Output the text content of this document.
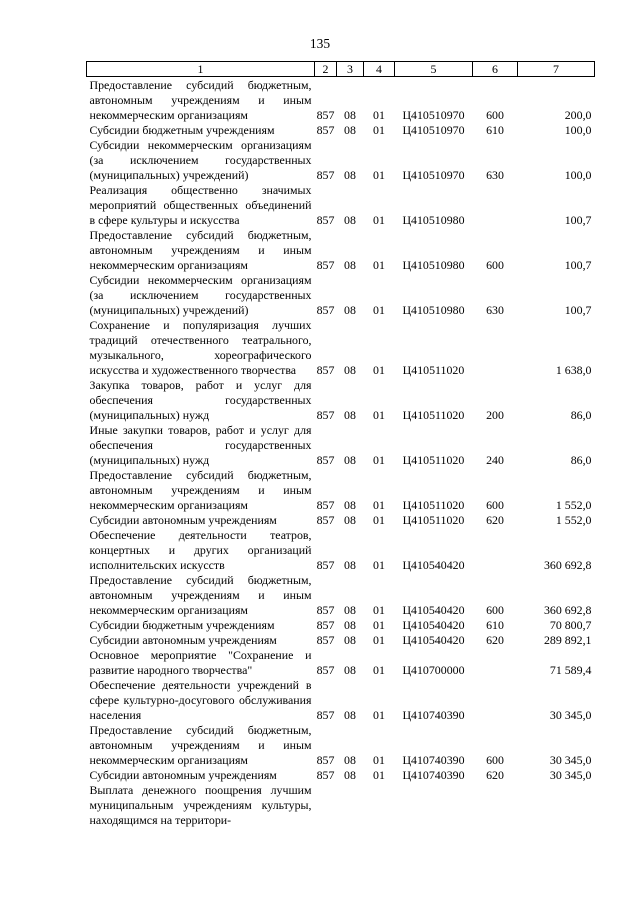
135
1	2	3	4	5	6	7
Предоставление субсидий бюджетным, автономным учреждениям и иным некоммерческим организациям	857	08	01	Ц410510970	600	200,0
Субсидии бюджетным учреждениям	857	08	01	Ц410510970	610	100,0
Субсидии некоммерческим организациям (за исключением государственных (муниципальных) учреждений)	857	08	01	Ц410510970	630	100,0
Реализация общественно значимых мероприятий общественных объединений в сфере культуры и искусства	857	08	01	Ц410510980		100,7
Предоставление субсидий бюджетным, автономным учреждениям и иным некоммерческим организациям	857	08	01	Ц410510980	600	100,7
Субсидии некоммерческим организациям (за исключением государственных (муниципальных) учреждений)	857	08	01	Ц410510980	630	100,7
Сохранение и популяризация лучших традиций отечественного театрального, музыкального, хореографического искусства и художественного творчества	857	08	01	Ц410511020		1 638,0
Закупка товаров, работ и услуг для обеспечения государственных (муниципальных) нужд	857	08	01	Ц410511020	200	86,0
Иные закупки товаров, работ и услуг для обеспечения государственных (муниципальных) нужд	857	08	01	Ц410511020	240	86,0
Предоставление субсидий бюджетным, автономным учреждениям и иным некоммерческим организациям	857	08	01	Ц410511020	600	1 552,0
Субсидии автономным учреждениям	857	08	01	Ц410511020	620	1 552,0
Обеспечение деятельности театров, концертных и других организаций исполнительских искусств	857	08	01	Ц410540420		360 692,8
Предоставление субсидий бюджетным, автономным учреждениям и иным некоммерческим организациям	857	08	01	Ц410540420	600	360 692,8
Субсидии бюджетным учреждениям	857	08	01	Ц410540420	610	70 800,7
Субсидии автономным учреждениям	857	08	01	Ц410540420	620	289 892,1
Основное мероприятие "Сохранение и развитие народного творчества"	857	08	01	Ц410700000		71 589,4
Обеспечение деятельности учреждений в сфере культурно-досугового обслуживания населения	857	08	01	Ц410740390		30 345,0
Предоставление субсидий бюджетным, автономным учреждениям и иным некоммерческим организациям	857	08	01	Ц410740390	600	30 345,0
Субсидии автономным учреждениям	857	08	01	Ц410740390	620	30 345,0
Выплата денежного поощрения лучшим муниципальным учреждениям культуры, находящимся на территори-						
